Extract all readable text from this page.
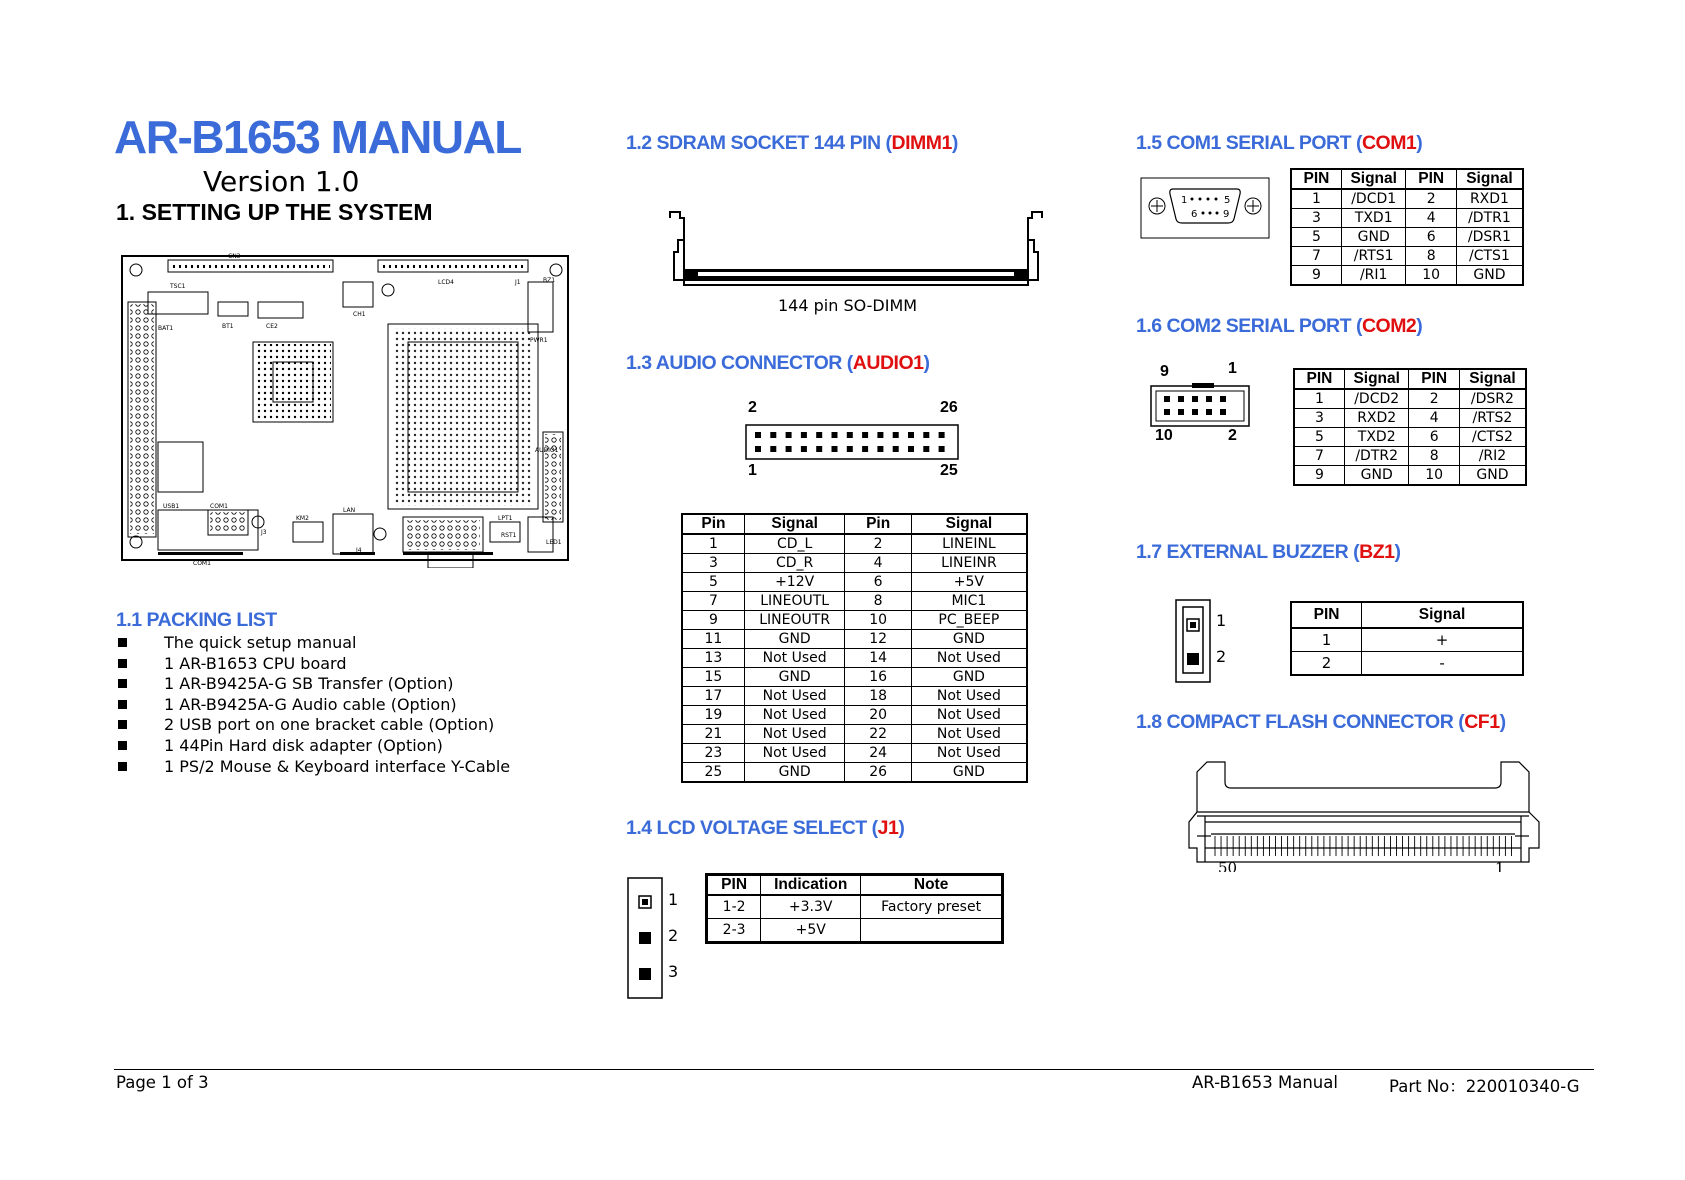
AR-B1653 MANUAL
Version 1.0
1. SETTING UP THE SYSTEM
TSC1
BAT1	BT1	CE2
CN3
CH1
LCD4	J1	BZ1
PWR1
USB1	COM1
COM1
LAN
KM2
J3
J4
LPT1
RST1
LED1
AUDIO1
1.1 PACKING LIST
The quick setup manual
1 AR-B1653 CPU board
1 AR-B9425A-G SB Transfer (Option)
1 AR-B9425A-G Audio cable (Option)
2 USB port on one bracket cable (Option)
1 44Pin Hard disk adapter (Option)
1 PS/2 Mouse & Keyboard interface Y-Cable
1.2 SDRAM SOCKET 144 PIN (DIMM1)
144 pin SO-DIMM
1.3 AUDIO CONNECTOR (AUDIO1)
2	26
1	25
Pin	Signal	Pin	Signal
1	CD_L	2	LINEINL
3	CD_R	4	LINEINR
5	+12V	6	+5V
7	LINEOUTL	8	MIC1
9	LINEOUTR	10	PC_BEEP
11	GND	12	GND
13	Not Used	14	Not Used
15	GND	16	GND
17	Not Used	18	Not Used
19	Not Used	20	Not Used
21	Not Used	22	Not Used
23	Not Used	24	Not Used
25	GND	26	GND
1.4 LCD VOLTAGE SELECT (J1)
1
2
3
PIN	Indication	Note
1-2	+3.3V	Factory preset
2-3	+5V	
1.5 COM1 SERIAL PORT (COM1)
1	5
6	9
PIN	Signal	PIN	Signal
1	/DCD1	2	RXD1
3	TXD1	4	/DTR1
5	GND	6	/DSR1
7	/RTS1	8	/CTS1
9	/RI1	10	GND
1.6 COM2 SERIAL PORT (COM2)
9	1
10	2
PIN	Signal	PIN	Signal
1	/DCD2	2	/DSR2
3	RXD2	4	/RTS2
5	TXD2	6	/CTS2
7	/DTR2	8	/RI2
9	GND	10	GND
1.7 EXTERNAL BUZZER (BZ1)
1
2
PIN	Signal
1	+
2	-
1.8 COMPACT FLASH CONNECTOR (CF1)
50	1
Page 1 of 3	AR-B1653 Manual	Part No：220010340-G
